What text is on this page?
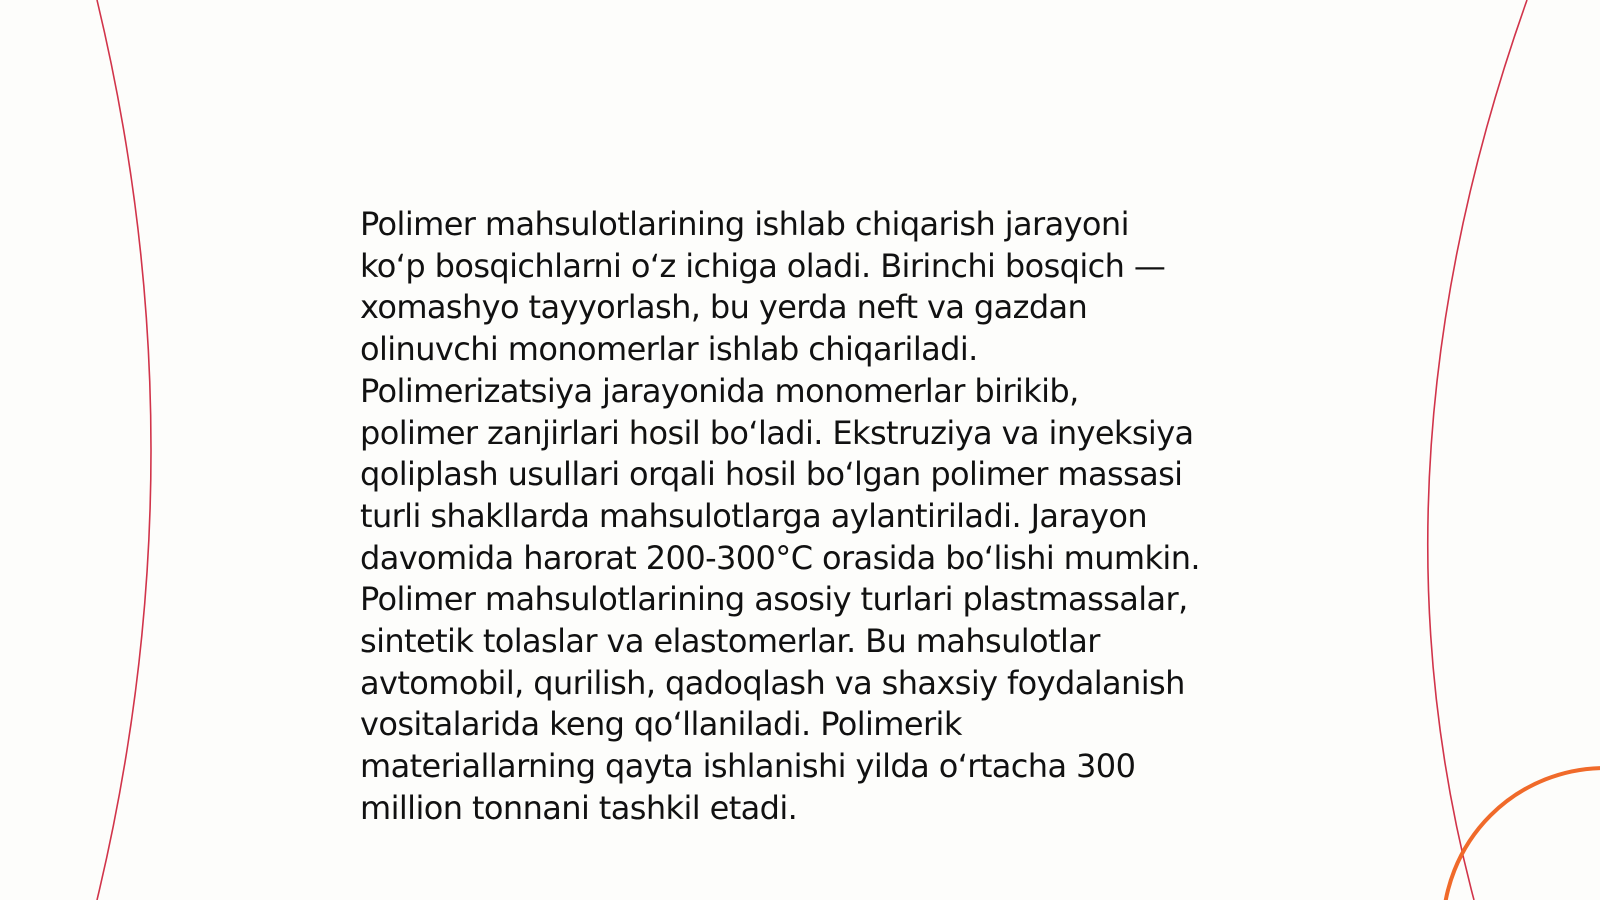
Polimer mahsulotlarining ishlab chiqarish jarayoni
koʻp bosqichlarni oʻz ichiga oladi. Birinchi bosqich —
xomashyo tayyorlash, bu yerda neft va gazdan
olinuvchi monomerlar ishlab chiqariladi.
Polimerizatsiya jarayonida monomerlar birikib,
polimer zanjirlari hosil boʻladi. Ekstruziya va inyeksiya
qoliplash usullari orqali hosil boʻlgan polimer massasi
turli shakllarda mahsulotlarga aylantiriladi. Jarayon
davomida harorat 200-300°C orasida boʻlishi mumkin.
Polimer mahsulotlarining asosiy turlari plastmassalar,
sintetik tolaslar va elastomerlar. Bu mahsulotlar
avtomobil, qurilish, qadoqlash va shaxsiy foydalanish
vositalarida keng qoʻllaniladi. Polimerik
materiallarning qayta ishlanishi yilda oʻrtacha 300
million tonnani tashkil etadi.
